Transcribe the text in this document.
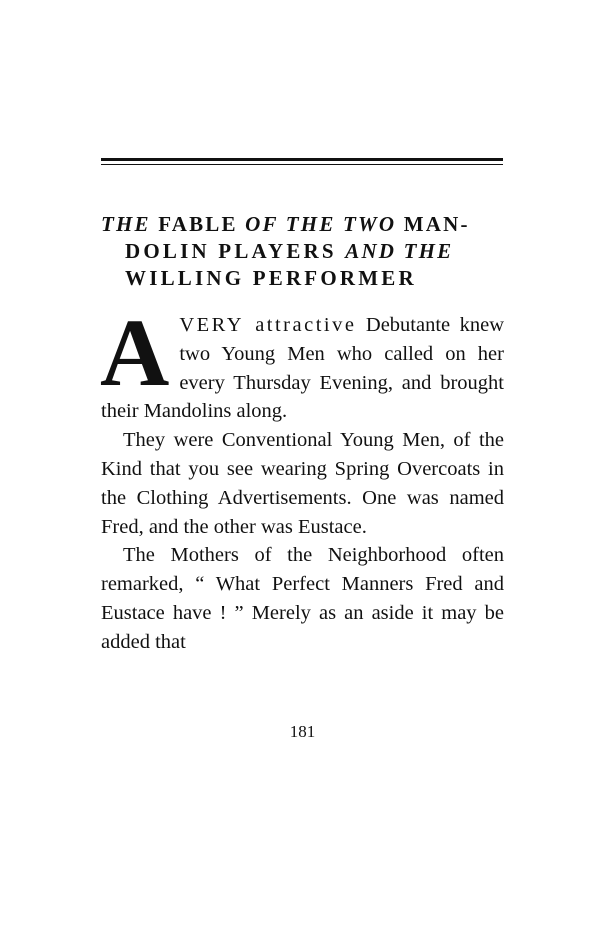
THE FABLE OF THE TWO MAN-
DOLIN PLAYERS AND THE
WILLING PERFORMER

AVERY attractive Debutante knew two Young Men who called on her every Thursday Evening, and brought their Mandolins along.

They were Conventional Young Men, of the Kind that you see wearing Spring Overcoats in the Clothing Advertisements. One was named Fred, and the other was Eustace.

The Mothers of the Neighborhood often remarked, “ What Perfect Manners Fred and Eustace have ! ” Merely as an aside it may be added that

181
